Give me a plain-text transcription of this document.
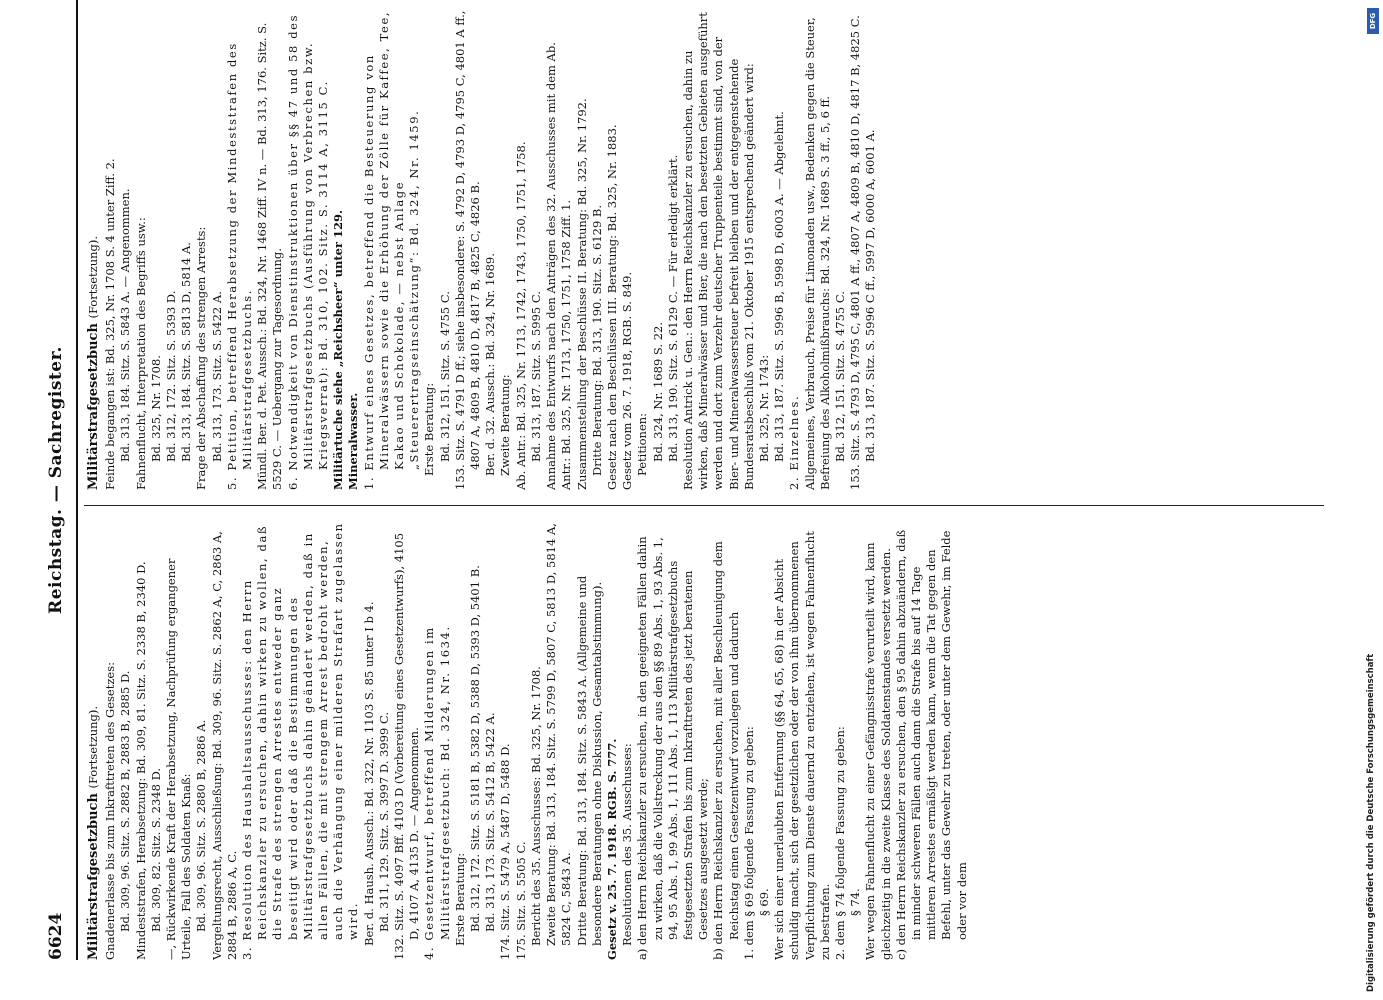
6624
Reichstag. — Sachregister.

Militärstrafgesetzbuch (Fortsetzung). Gnadenerlasse bis zum Inkrafttreten des Gesetzes: Bd. 309, 96. Sitz. S. 2882 B, 2883 B, 2885 D. Mindeststrafen, Herabsetzung: Bd. 309, 81. Sitz. S. 2338 B, 2340 D. Bd. 309, 82. Sitz. S. 2348 D. —, Rückwirkende Kraft der Herabsetzung, Nachprüfung ergangener Urteile, Fall des Soldaten Knaß: Bd. 309, 96. Sitz. S. 2880 B, 2886 A. Vergeltungsrecht, Ausschließung: Bd. 309, 96. Sitz. S. 2862 A, C, 2863 A, 2884 B, 2886 A, C. 3. Resolution des Haushaltsausschusses: den Herrn Reichskanzler zu ersuchen, dahin wirken zu wollen, daß die Strafe des strengen Arrestes entweder ganz beseitigt wird oder daß die Bestimmungen des Militärstrafgesetzbuchs dahin geändert werden, daß in allen Fällen, die mit strengem Arrest bedroht werden, auch die Verhängung einer milderen Strafart zugelassen wird. Ber. d. Haush. Aussch.: Bd. 322, Nr. 1103 S. 85 unter I b 4. Bd. 311, 129. Sitz. S. 3997 D. 3999 C. 132. Sitz. S. 4097 Bff. 4103 D (Vorbereitung eines Gesetzentwurfs), 4105 D, 4107 A, 4135 D. — Angenommen. 4. Gesetzentwurf, betreffend Milderungen im Militärstrafgesetzbuch: Bd. 324, Nr. 1634. Erste Beratung: Bd. 312, 172. Sitz. S. 5181 B, 5382 D, 5388 D, 5393 D, 5401 B. Bd. 313, 173. Sitz. S. 5412 B, 5422 A. 174. Sitz. S. 5479 A, 5487 D, 5488 D. 175. Sitz. S. 5505 C. Bericht des 35. Ausschusses: Bd. 325, Nr. 1708. Zweite Beratung: Bd. 313, 184. Sitz. S. 5799 D, 5807 C, 5813 D, 5814 A, 5824 C, 5843 A. Dritte Beratung: Bd. 313, 184. Sitz. S. 5843 A. (Allgemeine und besondere Beratungen ohne Diskussion, Gesamtabstimmung). Gesetz v. 25. 7. 1918. RGB. S. 777. Resolutionen des 35. Ausschusses: a) den Herrn Reichskanzler zu ersuchen, in den geeigneten Fällen dahin zu wirken, daß die Vollstreckung der aus den §§ 89 Abs. 1, 93 Abs. 1, 94, 95 Abs. 1, 99 Abs. 1, 111 Abs. 1, 113 Militärstrafgesetzbuchs festgesetzten Strafen bis zum Inkrafttreten des jetzt beratenen Gesetzes ausgesetzt werde; b) den Herrn Reichskanzler zu ersuchen, mit aller Beschleunigung dem Reichstag einen Gesetzentwurf vorzulegen und dadurch 1. dem § 69 folgende Fassung zu geben: § 69. Wer sich einer unerlaubten Entfernung (§§ 64, 65, 68) in der Absicht schuldig macht, sich der gesetzlichen oder der von ihm übernommenen Verpflichtung zum Dienste dauernd zu entziehen, ist wegen Fahnenflucht zu bestrafen. 2. dem § 74 folgende Fassung zu geben: § 74. Wer wegen Fahnenflucht zu einer Gefängnisstrafe verurteilt wird, kann gleichzeitig in die zweite Klasse des Soldatenstandes versetzt werden. c) den Herrn Reichskanzler zu ersuchen, den § 95 dahin abzuändern, daß in minder schweren Fällen auch dann die Strafe bis auf 14 Tage mittleren Arrestes ermäßigt werden kann, wenn die Tat gegen den Befehl, unter das Gewehr zu treten, oder unter dem Gewehr, im Felde oder vor dem

Militärstrafgesetzbuch (Fortsetzung). Feinde begangen ist: Bd. 325, Nr. 1708 S. 4 unter Ziff. 2. Bd. 313, 184. Sitz. S. 5843 A. — Angenommen. Fahnenflucht, Interpretation des Begriffs usw.: Bd. 325, Nr. 1708. Bd. 312, 172. Sitz. S. 5393 D. Bd. 313, 184. Sitz. S. 5813 D, 5814 A. Frage der Abschaffung des strengen Arrests: Bd. 313, 173. Sitz. S. 5422 A. 5. Petition, betreffend Herabsetzung der Mindeststrafen des Militärstrafgesetzbuchs. Mündl. Ber. d. Pet. Aussch.: Bd. 324, Nr. 1468 Ziff. IV n. — Bd. 313, 176. Sitz. S. 5529 C. — Uebergang zur Tagesordnung. 6. Notwendigkeit von Dienstinstruktionen über §§ 47 und 58 des Militärstrafgesetzbuchs (Ausführung von Verbrechen bzw. Kriegsverrat): Bd. 310, 102. Sitz. S. 3114 A, 3115 C. Militärtuche siehe „Reichsheer“ unter 129. Mineralwasser. 1. Entwurf eines Gesetzes, betreffend die Besteuerung von Mineralwässern sowie die Erhöhung der Zölle für Kaffee, Tee, Kakao und Schokolade, — nebst Anlage „Steuerertragseinschätzung“: Bd. 324, Nr. 1459. Erste Beratung: Bd. 312, 151. Sitz. S. 4755 C. 153. Sitz. S. 4791 D ff.; siehe insbesondere: S. 4792 D, 4793 D, 4795 C, 4801 A ff., 4807 A, 4809 B, 4810 D, 4817 B, 4825 C, 4826 B. Ber. d. 32. Aussch.: Bd. 324, Nr. 1689. Zweite Beratung: Ab. Antr.: Bd. 325, Nr. 1713, 1742, 1743, 1750, 1751, 1758. Bd. 313, 187. Sitz. S. 5995 C. Annahme des Entwurfs nach den Anträgen des 32. Ausschusses mit dem Ab. Antr.: Bd. 325, Nr. 1713, 1750, 1751, 1758 Ziff. 1. Zusammenstellung der Beschlüsse II. Beratung: Bd. 325, Nr. 1792. Dritte Beratung: Bd. 313, 190. Sitz. S. 6129 B. Gesetz nach den Beschlüssen III. Beratung: Bd. 325, Nr. 1883. Gesetz vom 26. 7. 1918, RGB. S. 849. Petitionen: Bd. 324, Nr. 1689 S. 22. Bd. 313, 190. Sitz. S. 6129 C. — Für erledigt erklärt. Resolution Antrick u. Gen.: den Herrn Reichskanzler zu ersuchen, dahin zu wirken, daß Mineralwässer und Bier, die nach den besetzten Gebieten ausgeführt werden und dort zum Verzehr deutscher Truppenteile bestimmt sind, von der Bier- und Mineralwassersteuer befreit bleiben und der entgegenstehende Bundesratsbeschluß vom 21. Oktober 1915 entsprechend geändert wird: Bd. 325, Nr. 1743: Bd. 313, 187. Sitz. S. 5996 B, 5998 D, 6003 A. — Abgelehnt. 2. Einzelnes. Allgemeines, Verbrauch, Preise für Limonaden usw., Bedenken gegen die Steuer, Befreiung des Alkoholmißbrauchs: Bd. 324, Nr. 1689 S. 3 ff., 5, 6 ff. Bd. 312, 151. Sitz. S. 4755 C. 153. Sitz. S. 4793 D, 4795 C, 4801 A ff., 4807 A, 4809 B, 4810 D, 4817 B, 4825 C. Bd. 313, 187. Sitz. S. 5996 C ff., 5997 D, 6000 A, 6001 A.

DFG
Digitalisierung gefördert durch die Deutsche Forschungsgemeinschaft
